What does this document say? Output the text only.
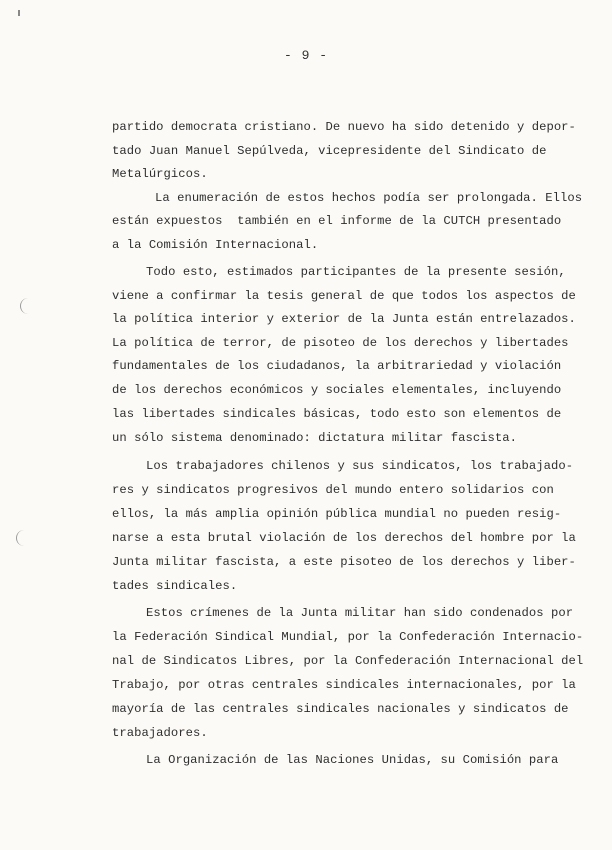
- 9 -
partido democrata cristiano. De nuevo ha sido detenido y depor-
tado Juan Manuel Sepúlveda, vicepresidente del Sindicato de
Metalúrgicos.
La enumeración de estos hechos podía ser prolongada. Ellos
están expuestos  también en el informe de la CUTCH presentado
a la Comisión Internacional.
Todo esto, estimados participantes de la presente sesión,
viene a confirmar la tesis general de que todos los aspectos de
la política interior y exterior de la Junta están entrelazados.
La política de terror, de pisoteo de los derechos y libertades
fundamentales de los ciudadanos, la arbitrariedad y violación
de los derechos económicos y sociales elementales, incluyendo
las libertades sindicales básicas, todo esto son elementos de
un sólo sistema denominado: dictatura militar fascista.
Los trabajadores chilenos y sus sindicatos, los trabajado-
res y sindicatos progresivos del mundo entero solidarios con
ellos, la más amplia opinión pública mundial no pueden resig-
narse a esta brutal violación de los derechos del hombre por la
Junta militar fascista, a este pisoteo de los derechos y liber-
tades sindicales.
Estos crímenes de la Junta militar han sido condenados por
la Federación Sindical Mundial, por la Confederación Internacio-
nal de Sindicatos Libres, por la Confederación Internacional del
Trabajo, por otras centrales sindicales internacionales, por la
mayoría de las centrales sindicales nacionales y sindicatos de
trabajadores.
La Organización de las Naciones Unidas, su Comisión para
